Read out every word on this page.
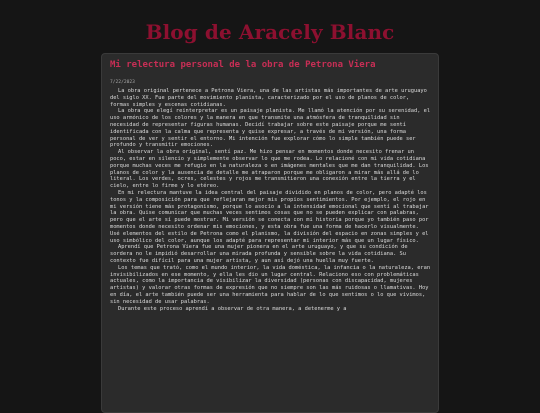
Blog de Aracely Blanc
Mi relectura personal de la obra de Petrona Viera
7/22/2023

La obra original pertenece a Petrona Viera, una de las artistas más importantes de arte uruguayo del siglo XX. Fue parte del movimiento planista, caracterizado por el uso de planos de color, formas simples y escenas cotidianas.

La obra que elegí reinterpretar es un paisaje planista. Me llamó la atención por su serenidad, el uso armónico de los colores y la manera en que transmite una atmósfera de tranquilidad sin necesidad de representar figuras humanas. Decidí trabajar sobre este paisaje porque me sentí identificada con la calma que representa y quise expresar, a través de mi versión, una forma personal de ver y sentir el entorno. Mi intención fue explorar cómo lo simple también puede ser profundo y transmitir emociones.

Al observar la obra original, sentí paz. Me hizo pensar en momentos donde necesito frenar un poco, estar en silencio y simplemente observar lo que me rodea. Lo relacioné con mi vida cotidiana porque muchas veces me refugio en la naturaleza o en imágenes mentales que me dan tranquilidad. Los planos de color y la ausencia de detalle me atraparon porque me obligaron a mirar más allá de lo literal. Los verdes, ocres, celestes y rojos me transmitieron una conexión entre la tierra y el cielo, entre lo firme y lo etéreo.

En mi relectura mantuve la idea central del paisaje dividido en planos de color, pero adapté los tonos y la composición para que reflejaran mejor mis propios sentimientos. Por ejemplo, el rojo en mi versión tiene más protagonismo, porque lo asocio a la intensidad emocional que sentí al trabajar la obra. Quise comunicar que muchas veces sentimos cosas que no se pueden explicar con palabras, pero que el arte sí puede mostrar. Mi versión se conecta con mi historia porque yo también paso por momentos donde necesito ordenar mis emociones, y esta obra fue una forma de hacerlo visualmente. Usé elementos del estilo de Petrona como el planismo, la división del espacio en zonas simples y el uso simbólico del color, aunque los adapté para representar mi interior más que un lugar físico.

Aprendí que Petrona Viera fue una mujer pionera en el arte uruguayo, y que su condición de sordera no le impidió desarrollar una mirada profunda y sensible sobre la vida cotidiana. Su contexto fue difícil para una mujer artista, y aun así dejó una huella muy fuerte.

Los temas que trató, como el mundo interior, la vida doméstica, la infancia o la naturaleza, eran invisibilizados en ese momento, y ella les dio un lugar central. Relaciono eso con problemáticas actuales, como la importancia de visibilizar la diversidad (personas con discapacidad, mujeres artistas) y valorar otras formas de expresión que no siempre son las más ruidosas o llamativas. Hoy en día, el arte también puede ser una herramienta para hablar de lo que sentimos o lo que vivimos, sin necesidad de usar palabras.

Durante este proceso aprendí a observar de otra manera, a detenerme y a
